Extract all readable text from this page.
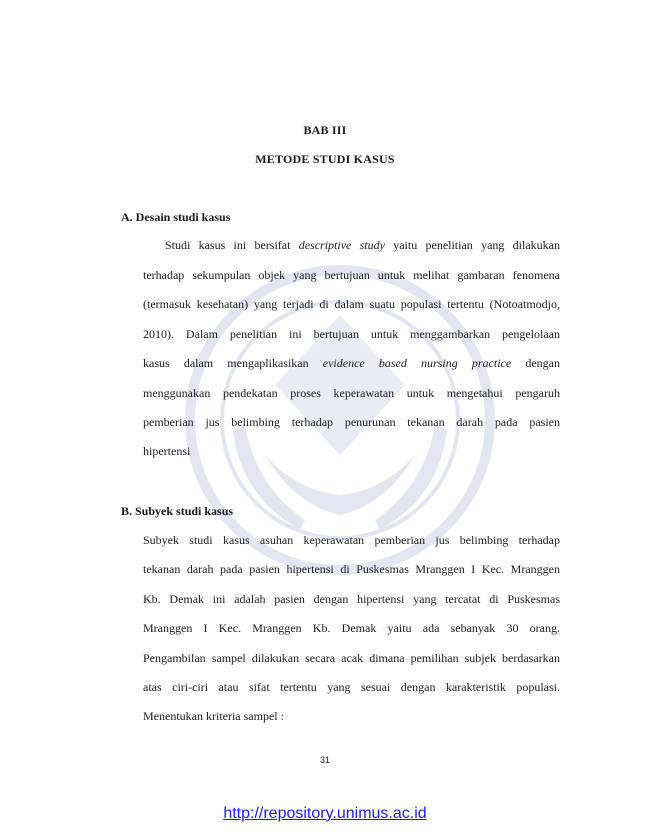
BAB III
METODE STUDI KASUS
A. Desain studi kasus
Studi kasus ini bersifat descriptive study yaitu penelitian yang dilakukan
terhadap sekumpulan objek yang bertujuan untuk melihat gambaran fenomena
(termasuk kesehatan) yang terjadi di dalam suatu populasi tertentu (Notoatmodjo,
2010). Dalam penelitian ini bertujuan untuk menggambarkan pengelolaan
kasus dalam mengaplikasikan evidence based nursing practice dengan
menggunakan pendekatan proses keperawatan untuk mengetahui pengaruh
pemberian jus belimbing terhadap penurunan tekanan darah pada pasien
hipertensi
B. Subyek studi kasus
Subyek studi kasus asuhan keperawatan pemberian jus belimbing terhadap
tekanan darah pada pasien hipertensi di Puskesmas Mranggen I Kec. Mranggen
Kb. Demak ini adalah pasien dengan hipertensi yang tercatat di Puskesmas
Mranggen I Kec. Mranggen Kb. Demak yaitu ada sebanyak 30 orang.
Pengambilan sampel dilakukan secara acak dimana pemilihan subjek berdasarkan
atas ciri-ciri atau sifat tertentu yang sesuai dengan karakteristik populasi.
Menentukan kriteria sampel :
31
http://repository.unimus.ac.id
